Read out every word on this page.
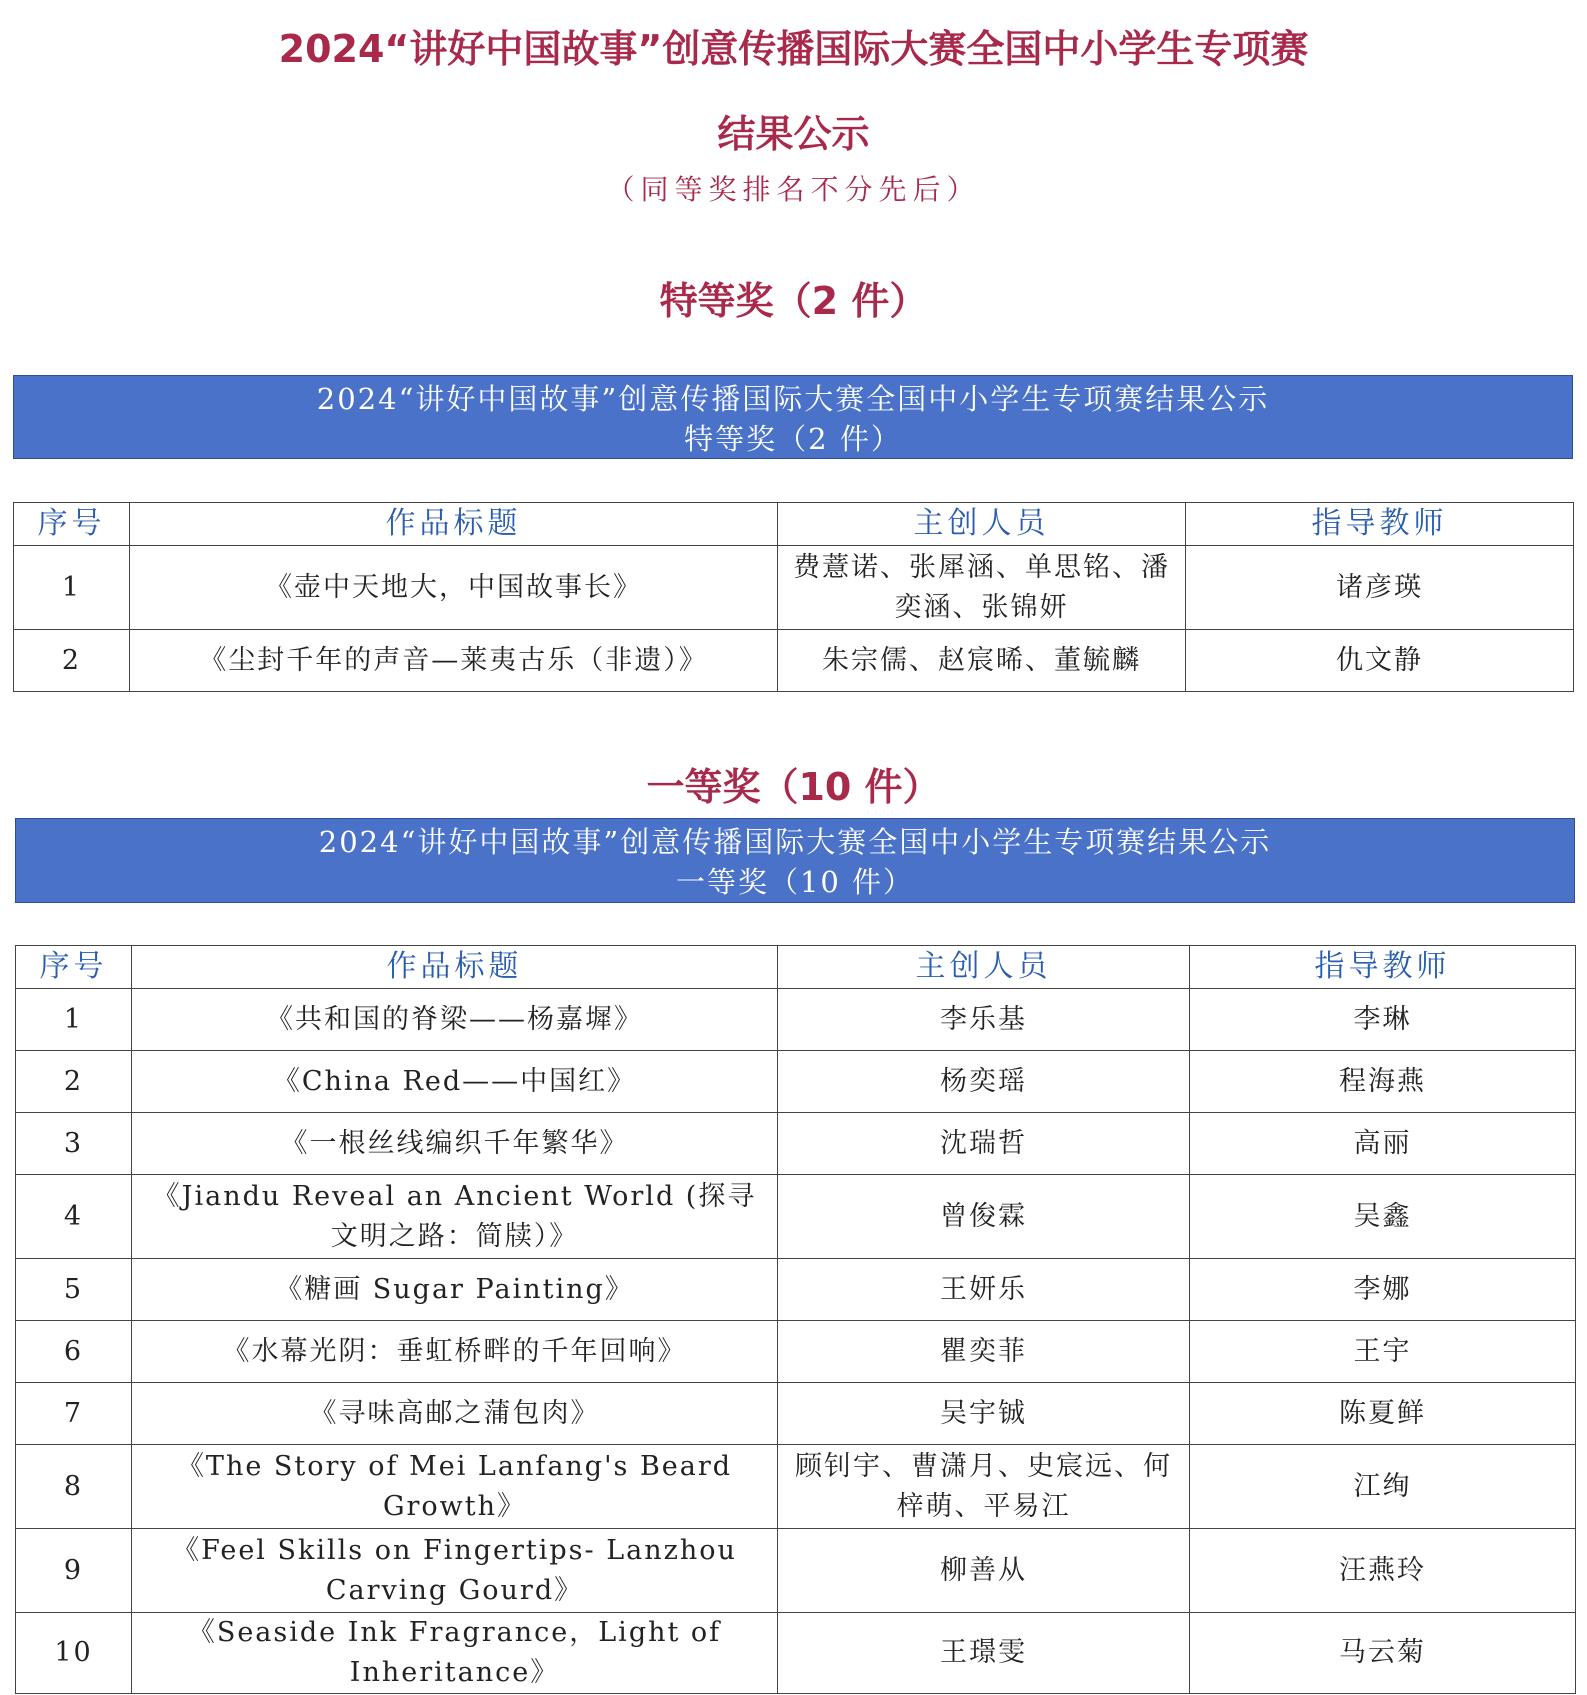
2024“讲好中国故事”创意传播国际大赛全国中小学生专项赛
结果公示
（同等奖排名不分先后）
特等奖（2 件）
2024“讲好中国故事”创意传播国际大赛全国中小学生专项赛结果公示
特等奖（2 件）
序号	作品标题	主创人员	指导教师
1	《壶中天地大，中国故事长》	费薏诺、张犀涵、单思铭、潘奕涵、张锦妍	诸彦瑛
2	《尘封千年的声音—莱夷古乐（非遗）》	朱宗儒、赵宸晞、董毓麟	仇文静
一等奖（10 件）
2024“讲好中国故事”创意传播国际大赛全国中小学生专项赛结果公示
一等奖（10 件）
序号	作品标题	主创人员	指导教师
1	《共和国的脊梁——杨嘉墀》	李乐基	李琳
2	《China Red——中国红》	杨奕瑶	程海燕
3	《一根丝线编织千年繁华》	沈瑞哲	高丽
4	《Jiandu Reveal an Ancient World (探寻文明之路：简牍）》	曾俊霖	吴鑫
5	《糖画 Sugar Painting》	王妍乐	李娜
6	《水幕光阴：垂虹桥畔的千年回响》	瞿奕菲	王宇
7	《寻味高邮之蒲包肉》	吴宇铖	陈夏鲜
8	《The Story of Mei Lanfang's Beard Growth》	顾钊宇、曹潇月、史宸远、何梓萌、平易江	江绚
9	《Feel Skills on Fingertips- Lanzhou Carving Gourd》	柳善从	汪燕玲
10	《Seaside Ink Fragrance，Light of Inheritance》	王璟雯	马云菊
